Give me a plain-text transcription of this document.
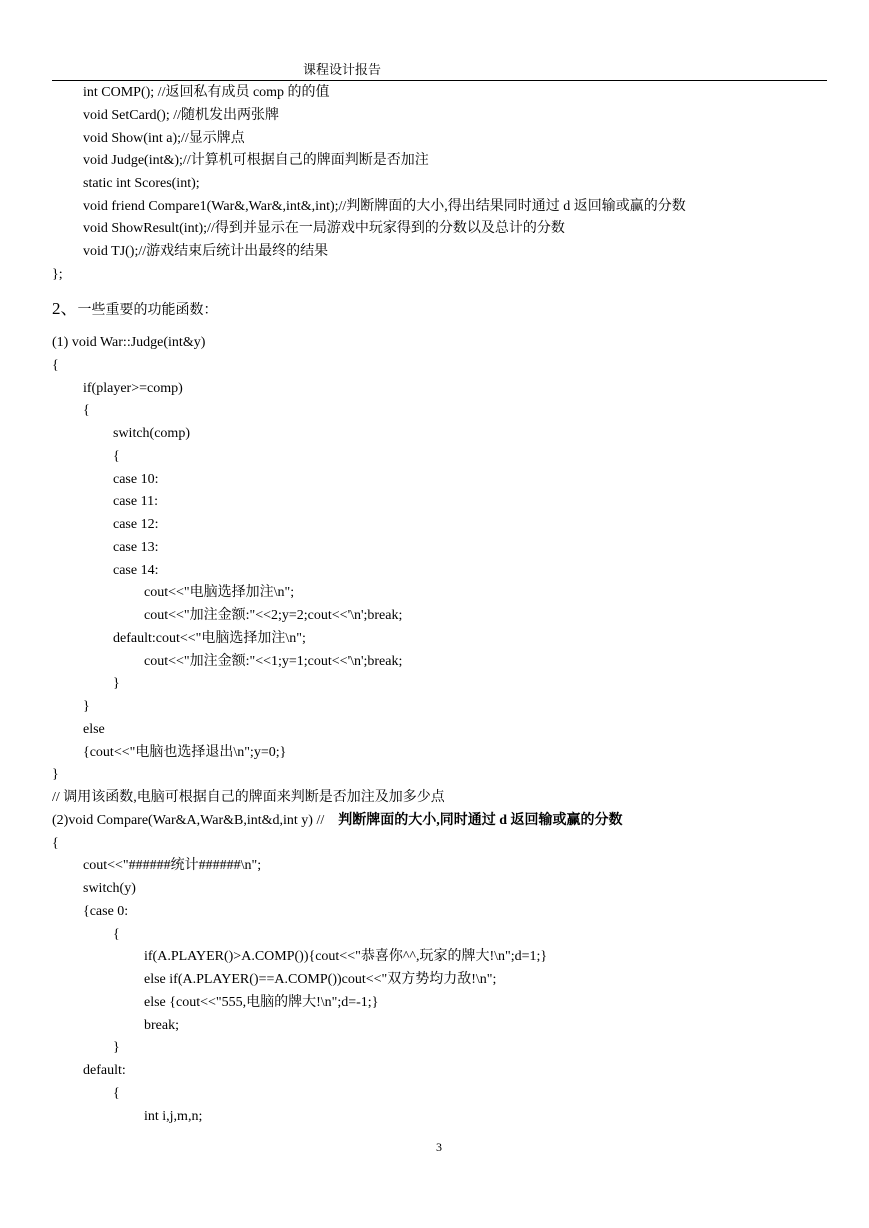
课程设计报告
int COMP(); //返回私有成员 comp 的的值
void SetCard(); //随机发出两张牌
void Show(int a);//显示牌点
void Judge(int&);//计算机可根据自己的牌面判断是否加注
static int Scores(int);
void friend Compare1(War&,War&,int&,int);//判断牌面的大小,得出结果同时通过 d 返回输或赢的分数
void ShowResult(int);//得到并显示在一局游戏中玩家得到的分数以及总计的分数
void TJ();//游戏结束后统计出最终的结果
};
2、一些重要的功能函数：
(1) void War::Judge(int&y)
{
if(player>=comp)
{
switch(comp)
{
case 10:
case 11:
case 12:
case 13:
case 14:
cout<<"电脑选择加注\n";
cout<<"加注金额:"<<2;y=2;cout<<'\n';break;
default:cout<<"电脑选择加注\n";
cout<<"加注金额:"<<1;y=1;cout<<'\n';break;
}
}
else
{cout<<"电脑也选择退出\n";y=0;}
}
// 调用该函数,电脑可根据自己的牌面来判断是否加注及加多少点
(2)void Compare(War&A,War&B,int&d,int y) //    判断牌面的大小,同时通过 d 返回输或赢的分数
{
cout<<"######统计######\n";
switch(y)
{case 0:
{
if(A.PLAYER()>A.COMP()){cout<<"恭喜你^^,玩家的牌大!\n";d=1;}
else if(A.PLAYER()==A.COMP())cout<<"双方势均力敌!\n";
else {cout<<"555,电脑的牌大!\n";d=-1;}
break;
}
default:
{
int i,j,m,n;
3
